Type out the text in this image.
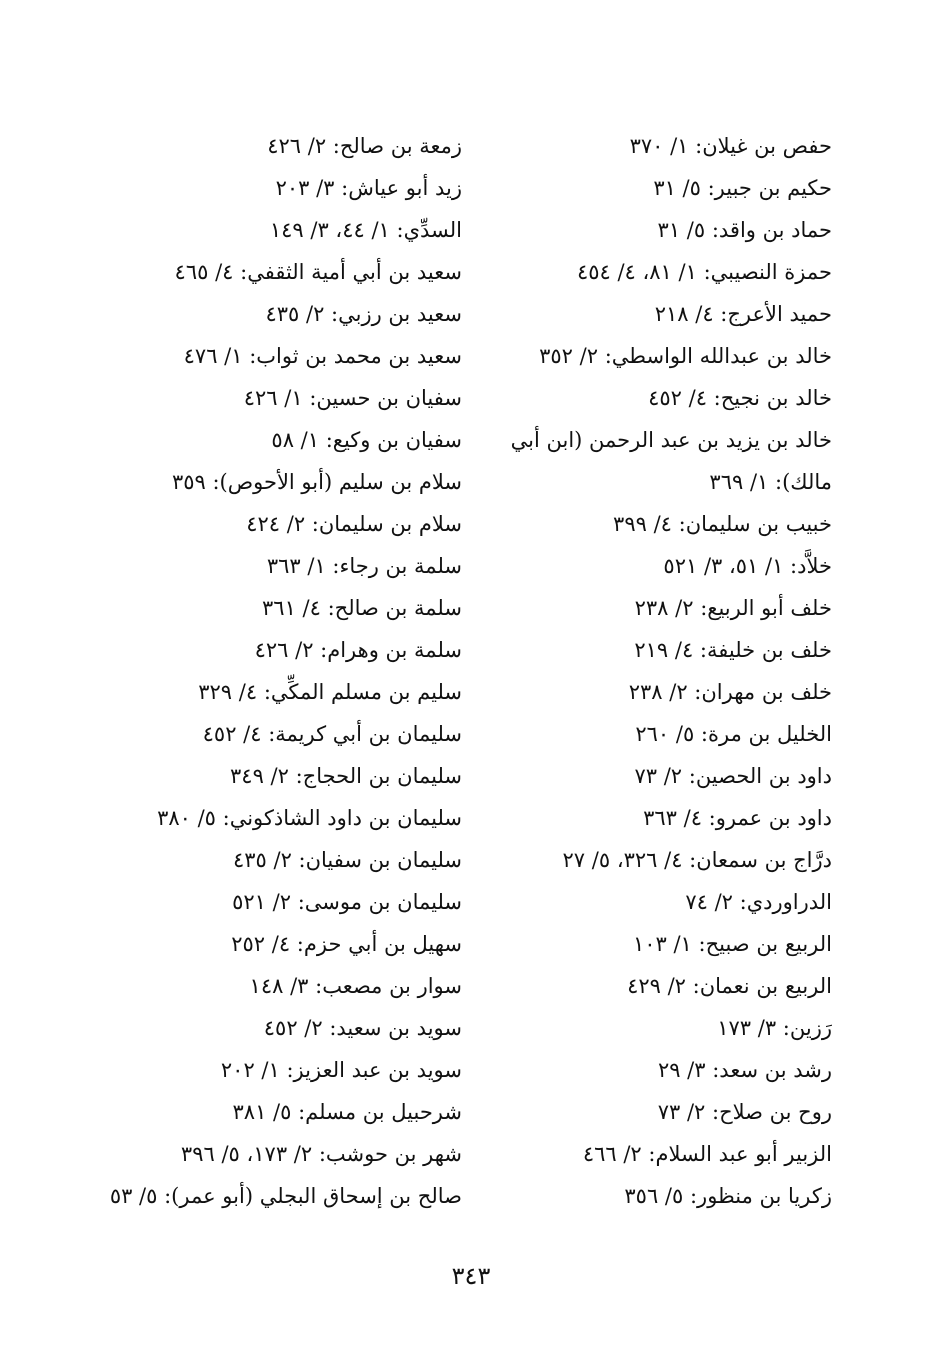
حفص بن غيلان: ١/ ٣٧٠
حكيم بن جبير: ٥/ ٣١
حماد بن واقد: ٥/ ٣١
حمزة النصيبي: ١/ ٨١، ٤/ ٤٥٤
حميد الأعرج: ٤/ ٢١٨
خالد بن عبدالله الواسطي: ٢/ ٣٥٢
خالد بن نجيح: ٤/ ٤٥٢
خالد بن يزيد بن عبد الرحمن (ابن أبي
مالك): ١/ ٣٦٩
خبيب بن سليمان: ٤/ ٣٩٩
خلاَّد: ١/ ٥١، ٣/ ٥٢١
خلف أبو الربيع: ٢/ ٢٣٨
خلف بن خليفة: ٤/ ٢١٩
خلف بن مهران: ٢/ ٢٣٨
الخليل بن مرة: ٥/ ٢٦٠
داود بن الحصين: ٢/ ٧٣
داود بن عمرو: ٤/ ٣٦٣
درَّاج بن سمعان: ٤/ ٣٢٦، ٥/ ٢٧
الدراوردي: ٢/ ٧٤
الربيع بن صبيح: ١/ ١٠٣
الربيع بن نعمان: ٢/ ٤٢٩
رَزين: ٣/ ١٧٣
رشد بن سعد: ٣/ ٢٩
روح بن صلاح: ٢/ ٧٣
الزبير أبو عبد السلام: ٢/ ٤٦٦
زكريا بن منظور: ٥/ ٣٥٦
زمعة بن صالح: ٢/ ٤٢٦
زيد أبو عياش: ٣/ ٢٠٣
السدِّي: ١/ ٤٤، ٣/ ١٤٩
سعيد بن أبي أمية الثقفي: ٤/ ٤٦٥
سعيد بن رزبي: ٢/ ٤٣٥
سعيد بن محمد بن ثواب: ١/ ٤٧٦
سفيان بن حسين: ١/ ٤٢٦
سفيان بن وكيع: ١/ ٥٨
سلام بن سليم (أبو الأحوص): ٣٥٩
سلام بن سليمان: ٢/ ٤٢٤
سلمة بن رجاء: ١/ ٣٦٣
سلمة بن صالح: ٤/ ٣٦١
سلمة بن وهرام: ٢/ ٤٢٦
سليم بن مسلم المكِّي: ٤/ ٣٢٩
سليمان بن أبي كريمة: ٤/ ٤٥٢
سليمان بن الحجاج: ٢/ ٣٤٩
سليمان بن داود الشاذكوني: ٥/ ٣٨٠
سليمان بن سفيان: ٢/ ٤٣٥
سليمان بن موسى: ٢/ ٥٢١
سهيل بن أبي حزم: ٤/ ٢٥٢
سوار بن مصعب: ٣/ ١٤٨
سويد بن سعيد: ٢/ ٤٥٢
سويد بن عبد العزيز: ١/ ٢٠٢
شرحبيل بن مسلم: ٥/ ٣٨١
شهر بن حوشب: ٢/ ١٧٣، ٥/ ٣٩٦
صالح بن إسحاق البجلي (أبو عمر): ٥/ ٥٣
٣٤٣
